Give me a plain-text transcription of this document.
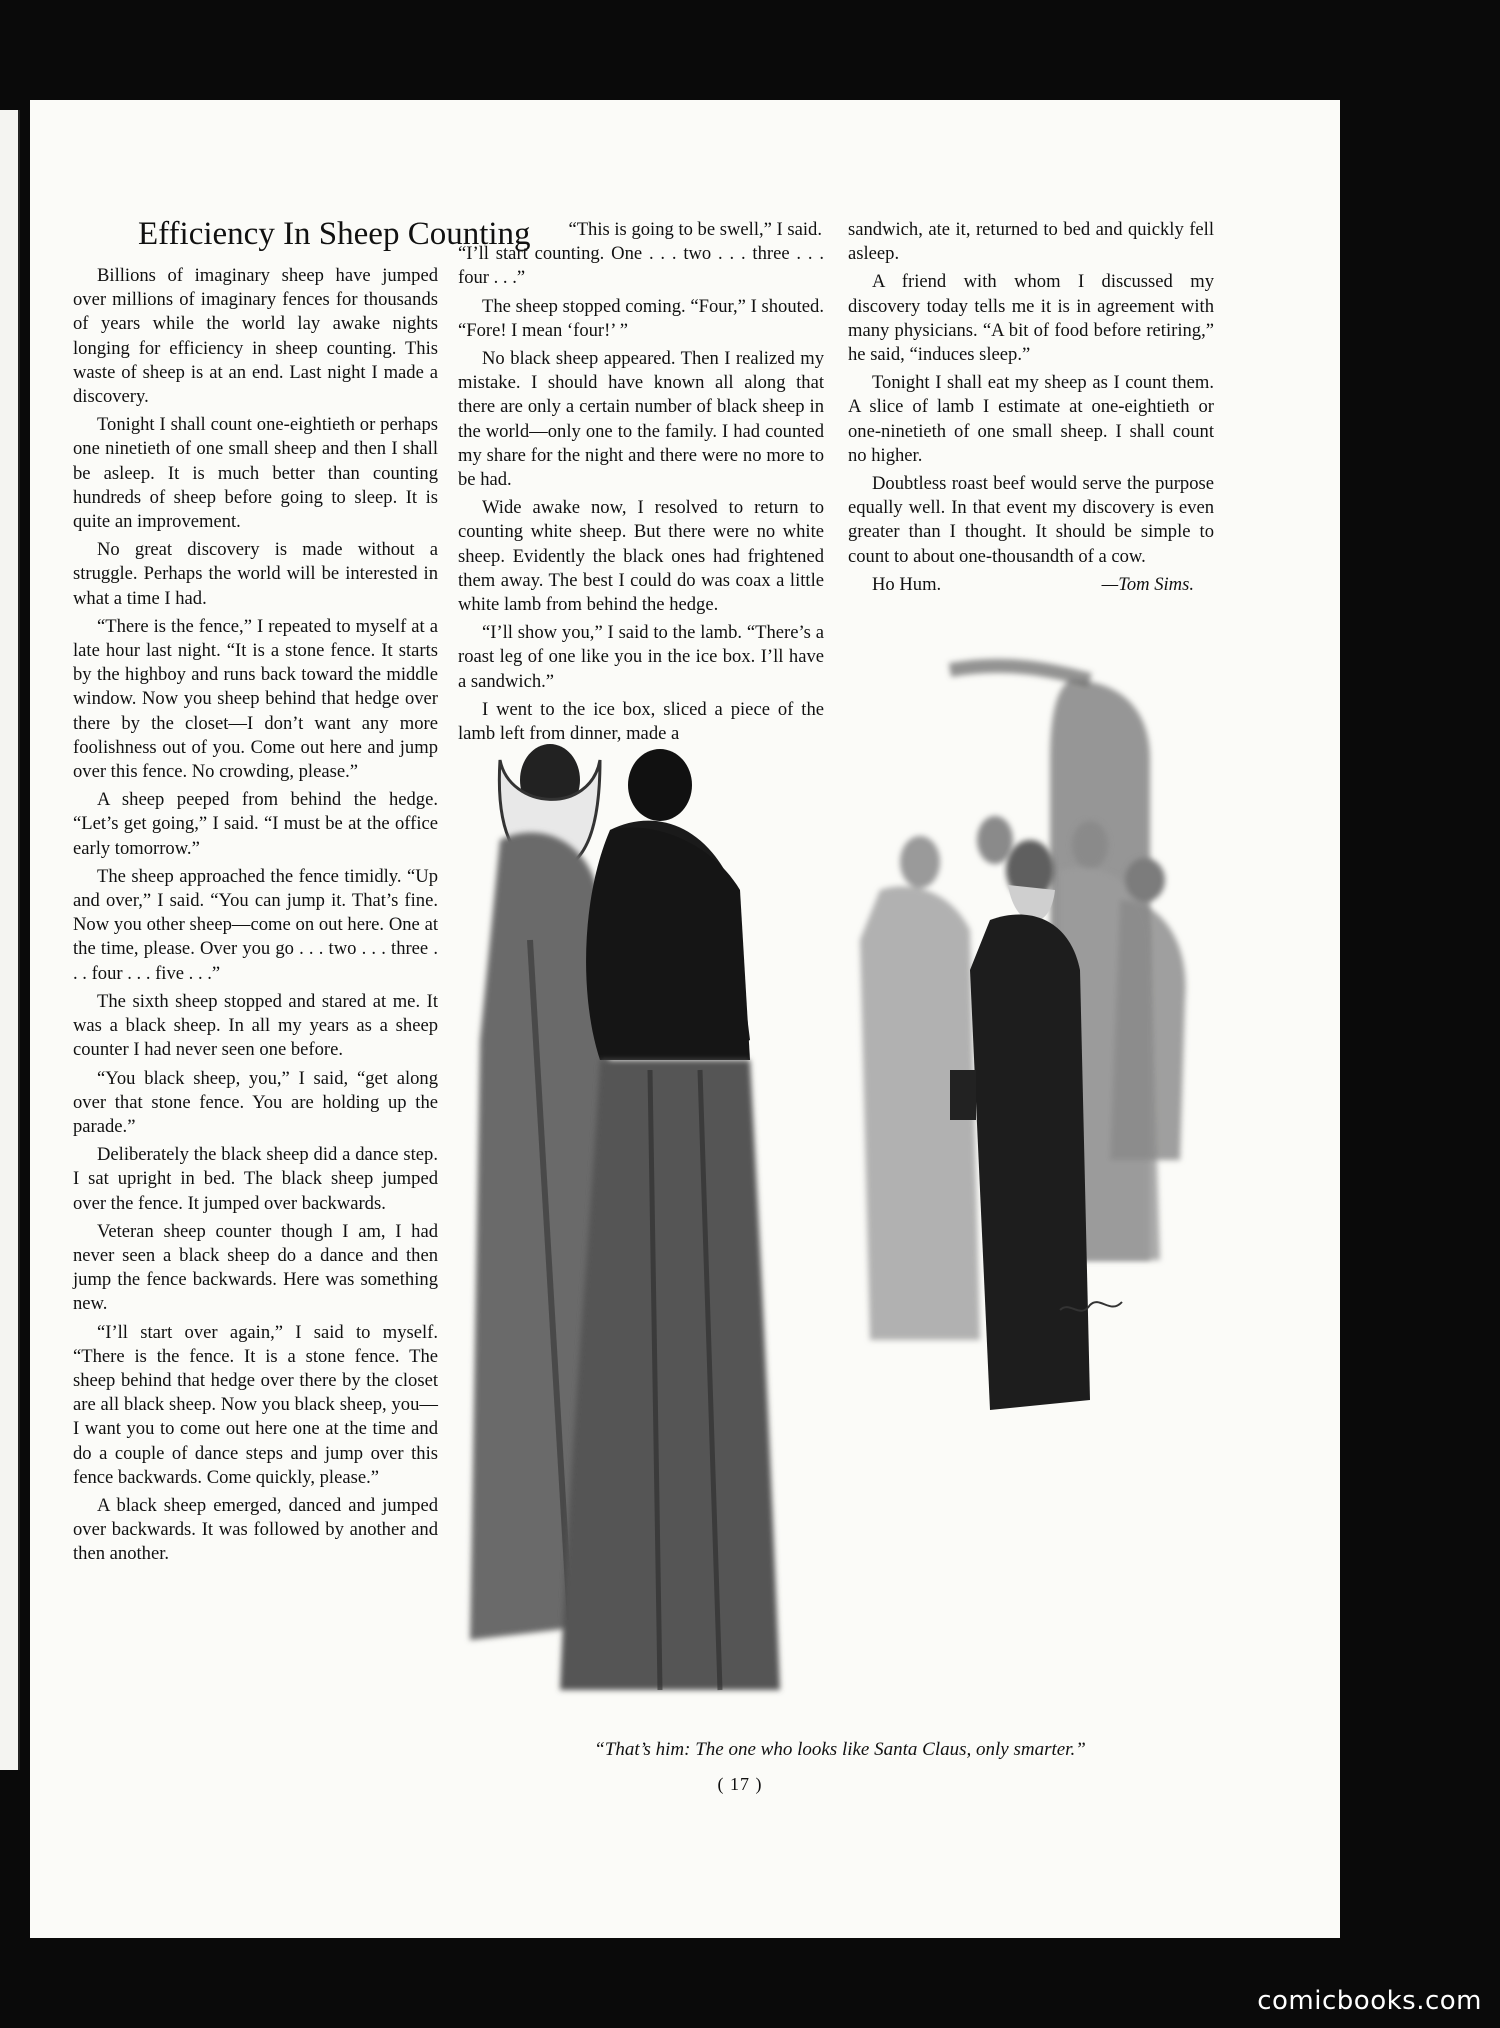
Efficiency In Sheep Counting

Billions of imaginary sheep have jumped over millions of imaginary fences for thousands of years while the world lay awake nights longing for efficiency in sheep counting. This waste of sheep is at an end. Last night I made a discovery.

Tonight I shall count one-eightieth or perhaps one ninetieth of one small sheep and then I shall be asleep. It is much better than counting hundreds of sheep before going to sleep. It is quite an improvement.

No great discovery is made without a struggle. Perhaps the world will be interested in what a time I had.

“There is the fence,” I repeated to myself at a late hour last night. “It is a stone fence. It starts by the highboy and runs back toward the middle window. Now you sheep behind that hedge over there by the closet—I don’t want any more foolishness out of you. Come out here and jump over this fence. No crowding, please.”

A sheep peeped from behind the hedge. “Let’s get going,” I said. “I must be at the office early tomorrow.”

The sheep approached the fence timidly. “Up and over,” I said. “You can jump it. That’s fine. Now you other sheep—come on out here. One at the time, please. Over you go . . . two . . . three . . . four . . . five . . .”

The sixth sheep stopped and stared at me. It was a black sheep. In all my years as a sheep counter I had never seen one before.

“You black sheep, you,” I said, “get along over that stone fence. You are holding up the parade.”

Deliberately the black sheep did a dance step. I sat upright in bed. The black sheep jumped over the fence. It jumped over backwards.

Veteran sheep counter though I am, I had never seen a black sheep do a dance and then jump the fence backwards. Here was something new.

“I’ll start over again,” I said to myself. “There is the fence. It is a stone fence. The sheep behind that hedge over there by the closet are all black sheep. Now you black sheep, you—I want you to come out here one at the time and do a couple of dance steps and jump over this fence backwards. Come quickly, please.”

A black sheep emerged, danced and jumped over backwards. It was followed by another and then another.

“This is going to be swell,” I said.
“I’ll start counting. One . . . two . . . three . . . four . . .”

The sheep stopped coming. “Four,” I shouted. “Fore! I mean ‘four!’ ”

No black sheep appeared. Then I realized my mistake. I should have known all along that there are only a certain number of black sheep in the world—only one to the family. I had counted my share for the night and there were no more to be had.

Wide awake now, I resolved to return to counting white sheep. But there were no white sheep. Evidently the black ones had frightened them away. The best I could do was coax a little white lamb from behind the hedge.

“I’ll show you,” I said to the lamb. “There’s a roast leg of one like you in the ice box. I’ll have a sandwich.”

I went to the ice box, sliced a piece of the lamb left from dinner, made a

sandwich, ate it, returned to bed and quickly fell asleep.

A friend with whom I discussed my discovery today tells me it is in agreement with many physicians. “A bit of food before retiring,” he said, “induces sleep.”

Tonight I shall eat my sheep as I count them. A slice of lamb I estimate at one-eightieth or one-ninetieth of one small sheep. I shall count no higher.

Doubtless roast beef would serve the purpose equally well. In that event my discovery is even greater than I thought. It should be simple to count to about one-thousandth of a cow.

Ho Hum.	—Tom Sims.
“That’s him: The one who looks like Santa Claus, only smarter.”
( 17 )
comicbooks.com
